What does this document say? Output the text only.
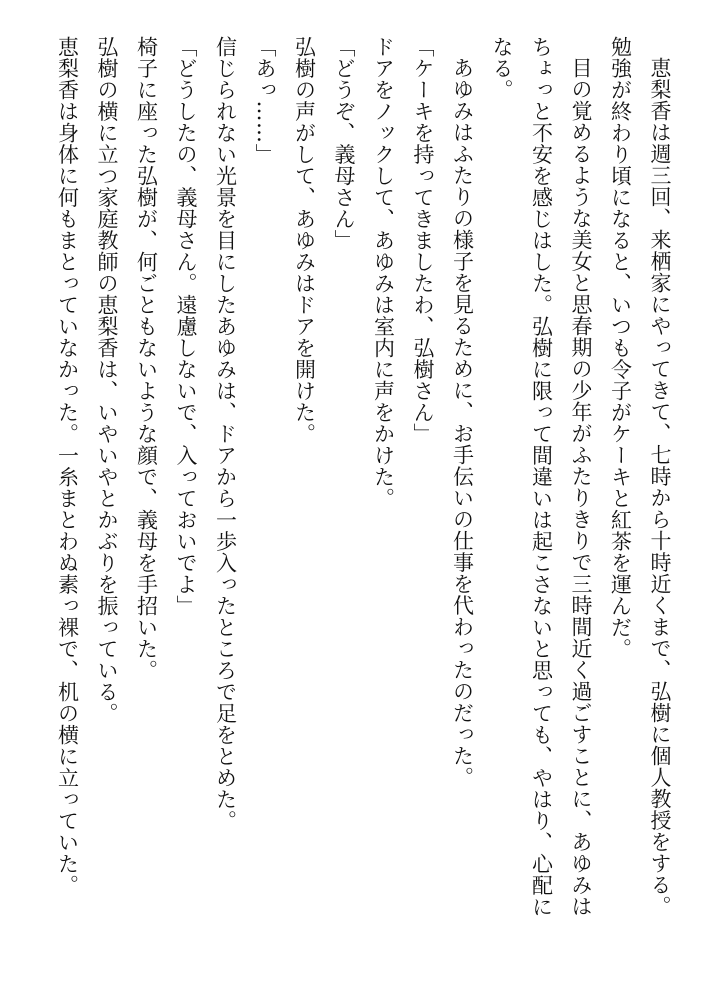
恵梨香は週三回、来栖家にやってきて、七時から十時近くまで、弘樹に個人教授をする。

勉強が終わり頃になると、いつも令子がケーキと紅茶を運んだ。

目の覚めるような美女と思春期の少年がふたりきりで三時間近く過ごすことに、あゆみは

ちょっと不安を感じはした。弘樹に限って間違いは起こさないと思っても、やはり、心配に

なる。

あゆみはふたりの様子を見るために、お手伝いの仕事を代わったのだった。

「ケーキを持ってきましたわ、弘樹さん」

ドアをノックして、あゆみは室内に声をかけた。

「どうぞ、義母さん」

弘樹の声がして、あゆみはドアを開けた。

「あっ……」

信じられない光景を目にしたあゆみは、ドアから一歩入ったところで足をとめた。

「どうしたの、義母さん。遠慮しないで、入っておいでよ」

椅子に座った弘樹が、何ごともないような顔で、義母を手招いた。

弘樹の横に立つ家庭教師の恵梨香は、いやいやとかぶりを振っている。

恵梨香は身体に何もまとっていなかった。一糸まとわぬ素っ裸で、机の横に立っていた。
